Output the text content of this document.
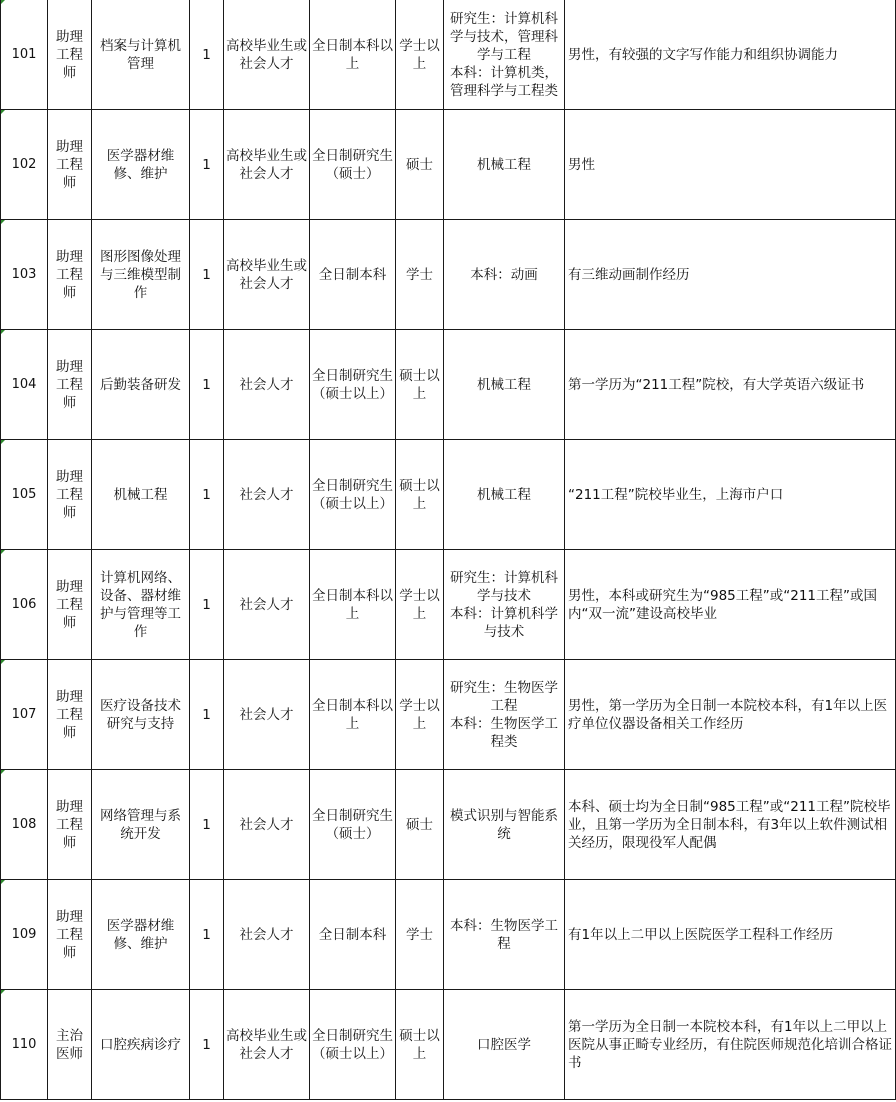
101	助理工程师	档案与计算机管理	1	高校毕业生或社会人才	全日制本科以上	学士以上	研究生：计算机科学与技术，管理科学与工程
本科：计算机类，管理科学与工程类	男性，有较强的文字写作能力和组织协调能力

102	助理工程师	医学器材维修、维护	1	高校毕业生或社会人才	全日制研究生（硕士）	硕士	机械工程	男性

103	助理工程师	图形图像处理与三维模型制作	1	高校毕业生或社会人才	全日制本科	学士	本科：动画	有三维动画制作经历

104	助理工程师	后勤装备研发	1	社会人才	全日制研究生（硕士以上）	硕士以上	机械工程	第一学历为“211工程”院校，有大学英语六级证书

105	助理工程师	机械工程	1	社会人才	全日制研究生（硕士以上）	硕士以上	机械工程	“211工程”院校毕业生，上海市户口

106	助理工程师	计算机网络、设备、器材维护与管理等工作	1	社会人才	全日制本科以上	学士以上	研究生：计算机科学与技术
本科：计算机科学与技术	男性，本科或研究生为“985工程”或“211工程”或国内“双一流”建设高校毕业

107	助理工程师	医疗设备技术研究与支持	1	社会人才	全日制本科以上	学士以上	研究生：生物医学工程
本科：生物医学工程类	男性，第一学历为全日制一本院校本科，有1年以上医疗单位仪器设备相关工作经历

108	助理工程师	网络管理与系统开发	1	社会人才	全日制研究生（硕士）	硕士	模式识别与智能系统	本科、硕士均为全日制“985工程”或“211工程”院校毕业，且第一学历为全日制本科，有3年以上软件测试相关经历，限现役军人配偶

109	助理工程师	医学器材维修、维护	1	社会人才	全日制本科	学士	本科：生物医学工程	有1年以上二甲以上医院医学工程科工作经历

110	主治医师	口腔疾病诊疗	1	高校毕业生或社会人才	全日制研究生（硕士以上）	硕士以上	口腔医学	第一学历为全日制一本院校本科，有1年以上二甲以上医院从事正畸专业经历，有住院医师规范化培训合格证书
